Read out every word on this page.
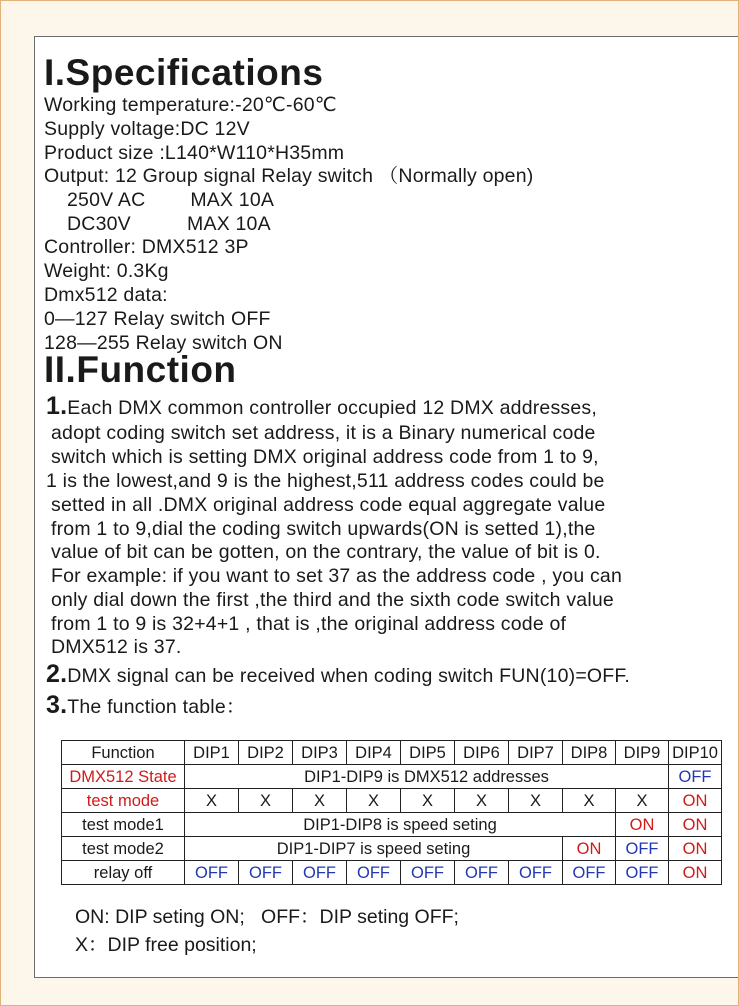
I.Specifications
Working temperature:-20℃-60℃
Supply voltage:DC 12V
Product size :L140*W110*H35mm
Output: 12 Group signal Relay switch （Normally open)
250V AC        MAX 10A
DC30V          MAX 10A
Controller: DMX512 3P
Weight: 0.3Kg
Dmx512 data:
0—127 Relay switch OFF
128—255 Relay switch ON
II.Function
1.Each DMX common controller occupied 12 DMX addresses,
adopt coding switch set address, it is a Binary numerical code
switch which is setting DMX original address code from 1 to 9,
1 is the lowest,and 9 is the highest,511 address codes could be
setted in all .DMX original address code equal aggregate value
from 1 to 9,dial the coding switch upwards(ON is setted 1),the
value of bit can be gotten, on the contrary, the value of bit is 0.
For example: if you want to set 37 as the address code , you can
only dial down the first ,the third and the sixth code switch value
from 1 to 9 is 32+4+1 , that is ,the original address code of
DMX512 is 37.
2.DMX signal can be received when coding switch FUN(10)=OFF.
3.The function table：
Function	DIP1	DIP2	DIP3	DIP4	DIP5	DIP6	DIP7	DIP8	DIP9	DIP10
DMX512 State	DIP1-DIP9 is DMX512 addresses									OFF
test mode	X	X	X	X	X	X	X	X	X	ON
test mode1	DIP1-DIP8 is speed seting								ON	ON
test mode2	DIP1-DIP7 is speed seting							ON	OFF	ON
relay off	OFF	OFF	OFF	OFF	OFF	OFF	OFF	OFF	OFF	ON
ON: DIP seting ON;   OFF：DIP seting OFF;
X：DIP free position;
